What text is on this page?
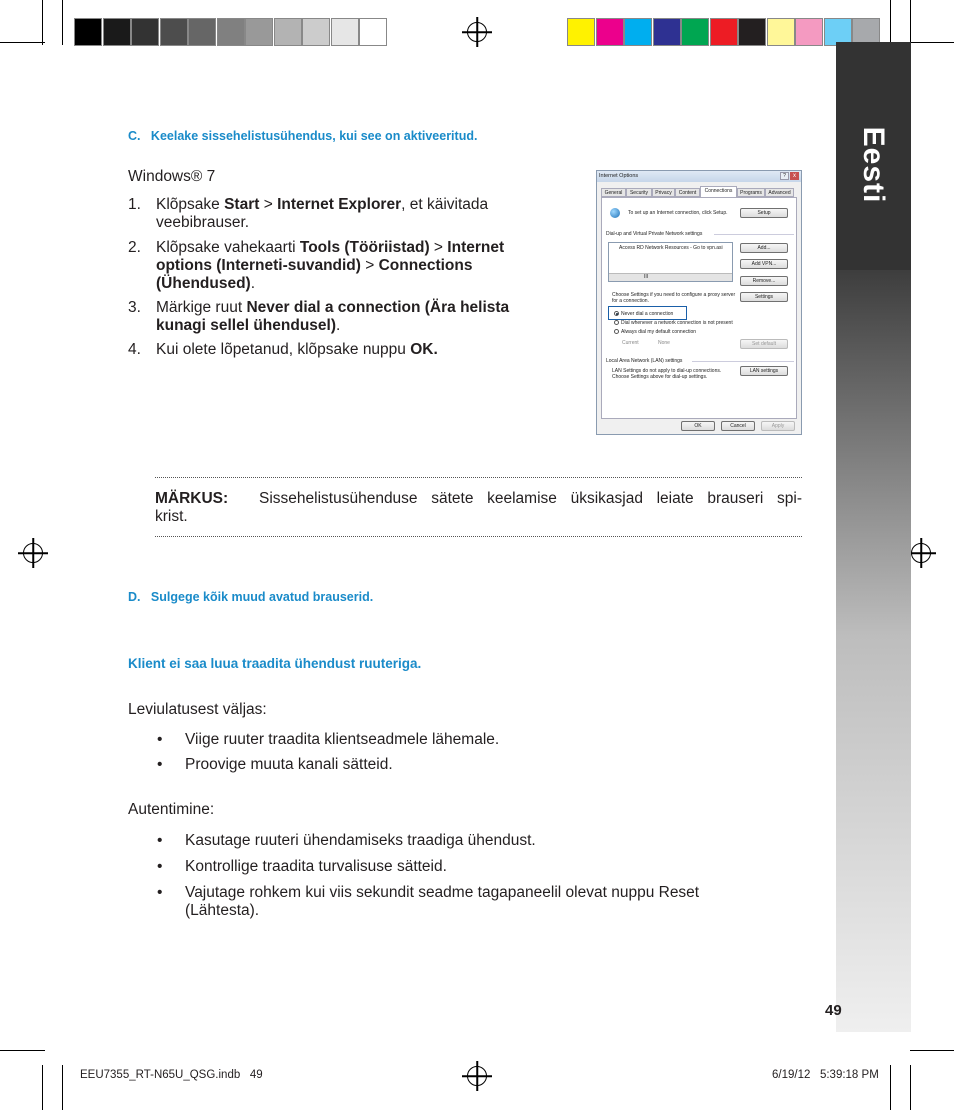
Eesti
C.   Keelake sissehelistusühendus, kui see on aktiveeritud.
Windows® 7
1. Klõpsake Start > Internet Explorer, et käivitada veebibrauser.
2. Klõpsake vahekaarti Tools (Tööriistad) > Internet options (Interneti-suvandid) > Connections (Ühendused).
3. Märkige ruut Never dial a connection (Ära helista kunagi sellel ühendusel).
4. Kui olete lõpetanud, klõpsake nuppu OK.
Internet Options	?	x
General	Security	Privacy	Content	Connections	Programs	Advanced
To set up an Internet connection, click Setup.	Setup
Dial-up and Virtual Private Network settings
Access RD Network Resources - Go to vpn.asi
III
Add...
Add VPN...
Remove...
Choose Settings if you need to configure a proxy server for a connection.
Settings
Never dial a connection
Dial whenever a network connection is not present
Always dial my default connection
Current	None	Set default
Local Area Network (LAN) settings
LAN Settings do not apply to dial-up connections. Choose Settings above for dial-up settings.
LAN settings
OK	Cancel	Apply
MÄRKUS: Sissehelistusühenduse sätete keelamise üksikasjad leiate brauseri spi-
krist.
D.   Sulgege kõik muud avatud brauserid.
Klient ei saa luua traadita ühendust ruuteriga.
Leviulatusest väljas:
• Viige ruuter traadita klientseadmele lähemale.
• Proovige muuta kanali sätteid.
Autentimine:
• Kasutage ruuteri ühendamiseks traadiga ühendust.
• Kontrollige traadita turvalisuse sätteid.
• Vajutage rohkem kui viis sekundit seadme tagapaneelil olevat nuppu Reset (Lähtesta).
49
EEU7355_RT-N65U_QSG.indb   49	6/19/12   5:39:18 PM
